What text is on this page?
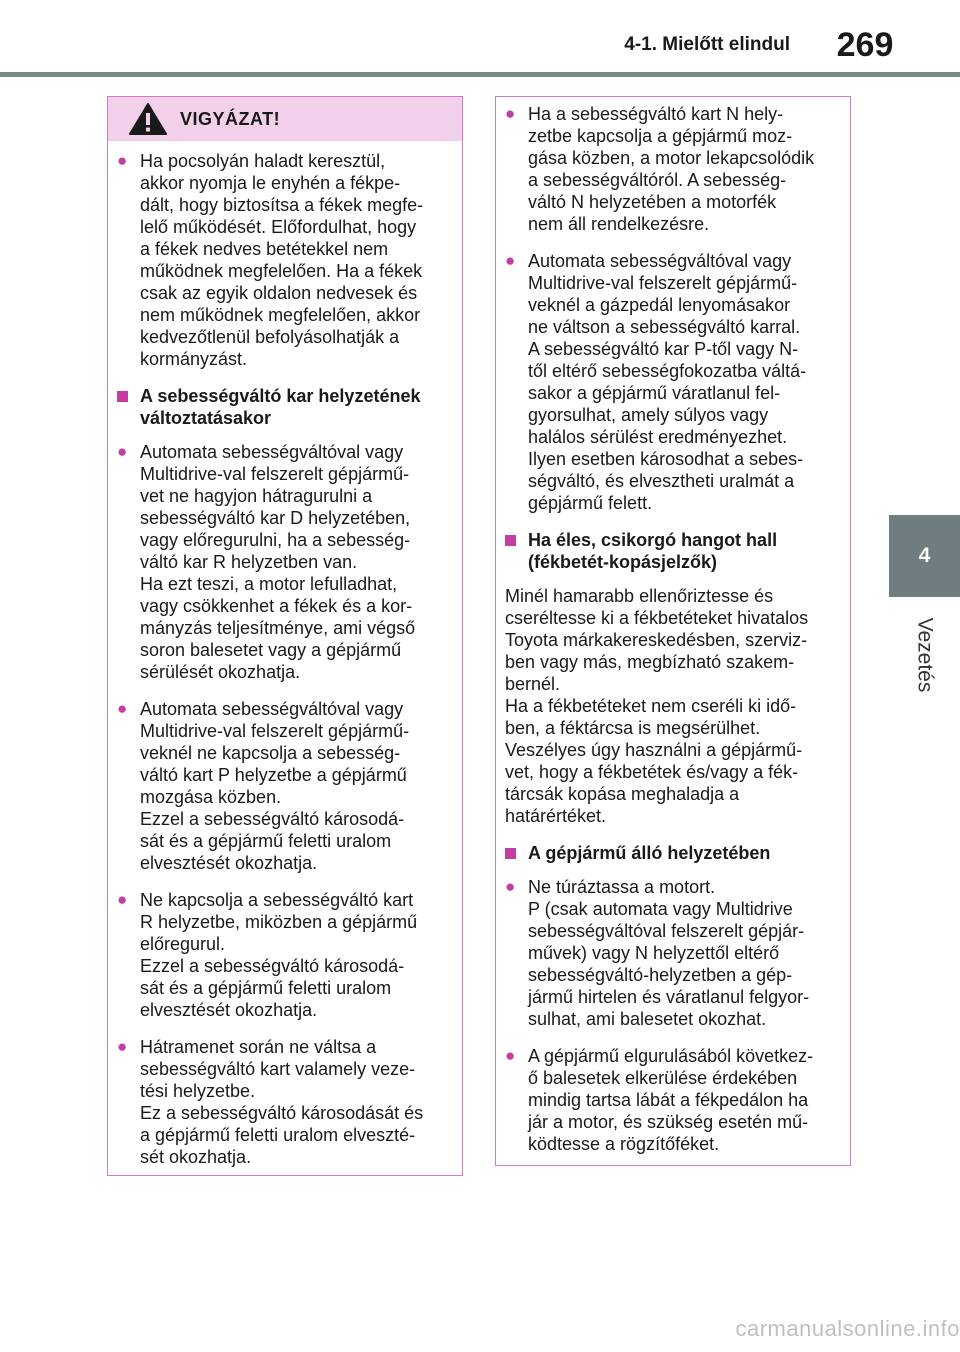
4-1. Mielőtt elindul	269
4
Vezetés
VIGYÁZAT!
● Ha pocsolyán haladt keresztül,
akkor nyomja le enyhén a fékpe-
dált, hogy biztosítsa a fékek megfe-
lelő működését. Előfordulhat, hogy
a fékek nedves betétekkel nem
működnek megfelelően. Ha a fékek
csak az egyik oldalon nedvesek és
nem működnek megfelelően, akkor
kedvezőtlenül befolyásolhatják a
kormányzást.
A sebességváltó kar helyzetének
változtatásakor
● Automata sebességváltóval vagy
Multidrive-val felszerelt gépjármű-
vet ne hagyjon hátragurulni a
sebességváltó kar D helyzetében,
vagy előregurulni, ha a sebesség-
váltó kar R helyzetben van.
Ha ezt teszi, a motor lefulladhat,
vagy csökkenhet a fékek és a kor-
mányzás teljesítménye, ami végső
soron balesetet vagy a gépjármű
sérülését okozhatja.
● Automata sebességváltóval vagy
Multidrive-val felszerelt gépjármű-
veknél ne kapcsolja a sebesség-
váltó kart P helyzetbe a gépjármű
mozgása közben.
Ezzel a sebességváltó károsodá-
sát és a gépjármű feletti uralom
elvesztését okozhatja.
● Ne kapcsolja a sebességváltó kart
R helyzetbe, miközben a gépjármű
előregurul.
Ezzel a sebességváltó károsodá-
sát és a gépjármű feletti uralom
elvesztését okozhatja.
● Hátramenet során ne váltsa a
sebességváltó kart valamely veze-
tési helyzetbe.
Ez a sebességváltó károsodását és
a gépjármű feletti uralom elveszté-
sét okozhatja.
● Ha a sebességváltó kart N hely-
zetbe kapcsolja a gépjármű moz-
gása közben, a motor lekapcsolódik
a sebességváltóról. A sebesség-
váltó N helyzetében a motorfék
nem áll rendelkezésre.
● Automata sebességváltóval vagy
Multidrive-val felszerelt gépjármű-
veknél a gázpedál lenyomásakor
ne váltson a sebességváltó karral.
A sebességváltó kar P-től vagy N-
től eltérő sebességfokozatba váltá-
sakor a gépjármű váratlanul fel-
gyorsulhat, amely súlyos vagy
halálos sérülést eredményezhet.
Ilyen esetben károsodhat a sebes-
ségváltó, és elvesztheti uralmát a
gépjármű felett.
Ha éles, csikorgó hangot hall
(fékbetét-kopásjelzők)
Minél hamarabb ellenőriztesse és
cseréltesse ki a fékbetéteket hivatalos
Toyota márkakereskedésben, szerviz-
ben vagy más, megbízható szakem-
bernél.
Ha a fékbetéteket nem cseréli ki idő-
ben, a féktárcsa is megsérülhet.
Veszélyes úgy használni a gépjármű-
vet, hogy a fékbetétek és/vagy a fék-
tárcsák kopása meghaladja a
határértéket.
A gépjármű álló helyzetében
● Ne túráztassa a motort.
P (csak automata vagy Multidrive
sebességváltóval felszerelt gépjár-
művek) vagy N helyzettől eltérő
sebességváltó-helyzetben a gép-
jármű hirtelen és váratlanul felgyor-
sulhat, ami balesetet okozhat.
● A gépjármű elgurulásából következ-
ő balesetek elkerülése érdekében
mindig tartsa lábát a fékpedálon ha
jár a motor, és szükség esetén mű-
ködtesse a rögzítőféket.
carmanualsonline.info
